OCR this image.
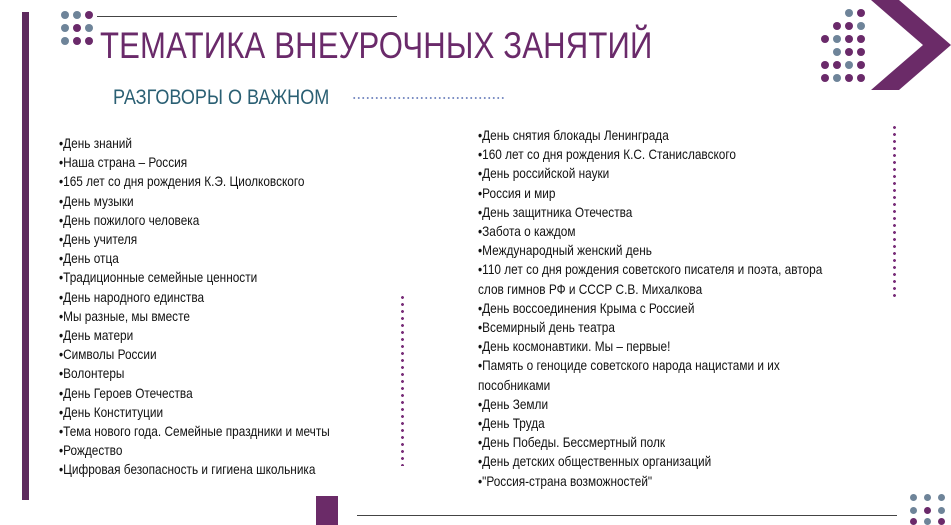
ТЕМАТИКА ВНЕУРОЧНЫХ ЗАНЯТИЙ
РАЗГОВОРЫ О ВАЖНОМ
•День знаний
•Наша страна – Россия
•165 лет со дня рождения К.Э. Циолковского
•День музыки
•День пожилого человека
•День учителя
•День отца
•Традиционные семейные ценности
•День народного единства
•Мы разные, мы вместе
•День матери
•Символы России
•Волонтеры
•День Героев Отечества
•День Конституции
•Тема нового года. Семейные праздники и мечты
•Рождество
•Цифровая безопасность и гигиена школьника
•День снятия блокады Ленинграда
•160 лет со дня рождения К.С. Станиславского
•День российской науки
•Россия и мир
•День защитника Отечества
•Забота о каждом
•Международный женский день
•110 лет со дня рождения советского писателя и поэта, автора
слов гимнов РФ и СССР С.В. Михалкова
•День воссоединения Крыма с Россией
•Всемирный день театра
•День космонавтики. Мы – первые!
•Память о геноциде советского народа нацистами и их
пособниками
•День Земли
•День Труда
•День Победы. Бессмертный полк
•День детских общественных организаций
•"Россия-страна возможностей"
